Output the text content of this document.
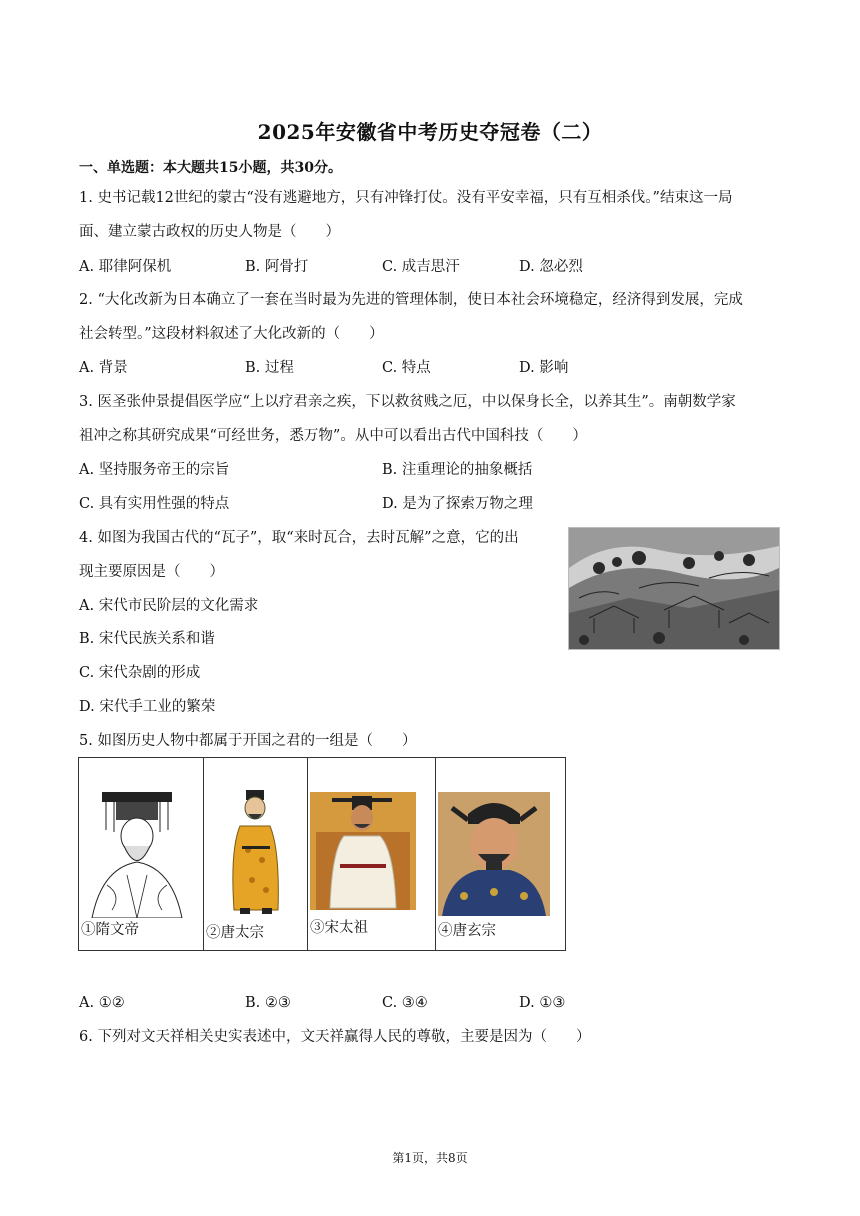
2025年安徽省中考历史夺冠卷（二）
一、单选题：本大题共15小题，共30分。
1. 史书记载12世纪的蒙古“没有逃避地方，只有冲锋打仗。没有平安幸福，只有互相杀伐。”结束这一局
面、建立蒙古政权的历史人物是（　　）
A. 耶律阿保机	B. 阿骨打	C. 成吉思汗	D. 忽必烈
2. “大化改新为日本确立了一套在当时最为先进的管理体制，使日本社会环境稳定，经济得到发展，完成
社会转型。”这段材料叙述了大化改新的（　　）
A. 背景	B. 过程	C. 特点	D. 影响
3. 医圣张仲景提倡医学应“上以疗君亲之疾，下以救贫贱之厄，中以保身长全，以养其生”。南朝数学家
祖冲之称其研究成果“可经世务，悉万物”。从中可以看出古代中国科技（　　）
A. 坚持服务帝王的宗旨	B. 注重理论的抽象概括
C. 具有实用性强的特点	D. 是为了探索万物之理
4. 如图为我国古代的“瓦子”，取“来时瓦合，去时瓦解”之意，它的出
现主要原因是（　　）
A. 宋代市民阶层的文化需求
B. 宋代民族关系和谐
C. 宋代杂剧的形成
D. 宋代手工业的繁荣
5. 如图历史人物中都属于开国之君的一组是（　　）
①隋文帝	②唐太宗	③宋太祖	④唐玄宗
A. ①②	B. ②③	C. ③④	D. ①③
6. 下列对文天祥相关史实表述中，文天祥赢得人民的尊敬，主要是因为（　　）
第1页，共8页
